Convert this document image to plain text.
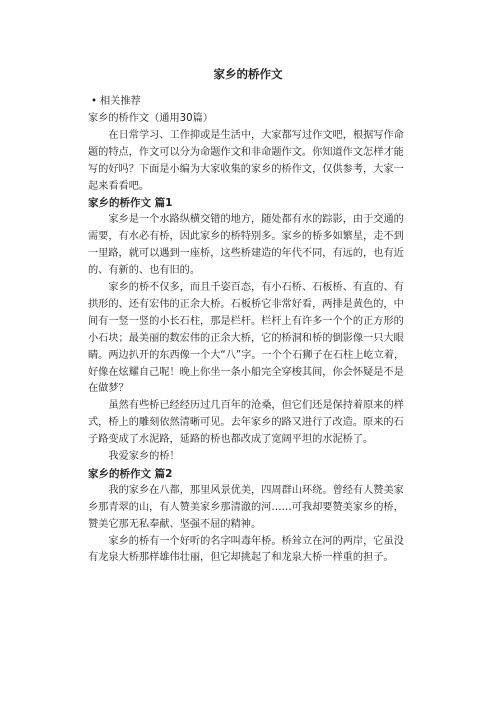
家乡的桥作文

• 相关推荐

家乡的桥作文（通用30篇）

在日常学习、工作抑或是生活中，大家都写过作文吧，根据写作命题的特点，作文可以分为命题作文和非命题作文。你知道作文怎样才能写的好吗？下面是小编为大家收集的家乡的桥作文，仅供参考，大家一起来看看吧。

家乡的桥作文 篇1

家乡是一个水路纵横交错的地方，随处都有水的踪影，由于交通的需要，有水必有桥，因此家乡的桥特别多。家乡的桥多如繁星，走不到一里路，就可以遇到一座桥，这些桥建造的年代不同，有远的，也有近的、有新的、也有旧的。

家乡的桥不仅多，而且千姿百态，有小石桥、石板桥、有直的、有拱形的、还有宏伟的正余大桥。石板桥它非常好看，两排是黄色的，中间有一竖一竖的小长石柱，那是栏杆。栏杆上有许多一个个的正方形的小石块；最美丽的数宏伟的正余大桥，它的桥洞和桥的倒影像一只大眼睛。两边扒开的东西像一个大“八”字。一个个石狮子在石柱上屹立着，好像在炫耀自己呢！晚上你坐一条小船完全穿梭其间，你会怀疑是不是在做梦？

虽然有些桥已经经历过几百年的沧桑，但它们还是保持着原来的样式，桥上的雕刻依然清晰可见。去年家乡的路又进行了改造。原来的石子路变成了水泥路，延路的桥也都改成了宽阔平坦的水泥桥了。

我爱家乡的桥！

家乡的桥作文 篇2

我的家乡在八都，那里风景优美，四周群山环绕。曾经有人赞美家乡那青翠的山，有人赞美家乡那清澈的河……可我却要赞美家乡的桥，赞美它那无私奉献、坚强不屈的精神。

家乡的桥有一个好听的名字叫毒年桥。桥耸立在河的两岸，它虽没有龙泉大桥那样雄伟壮丽，但它却挑起了和龙泉大桥一样重的担子。
